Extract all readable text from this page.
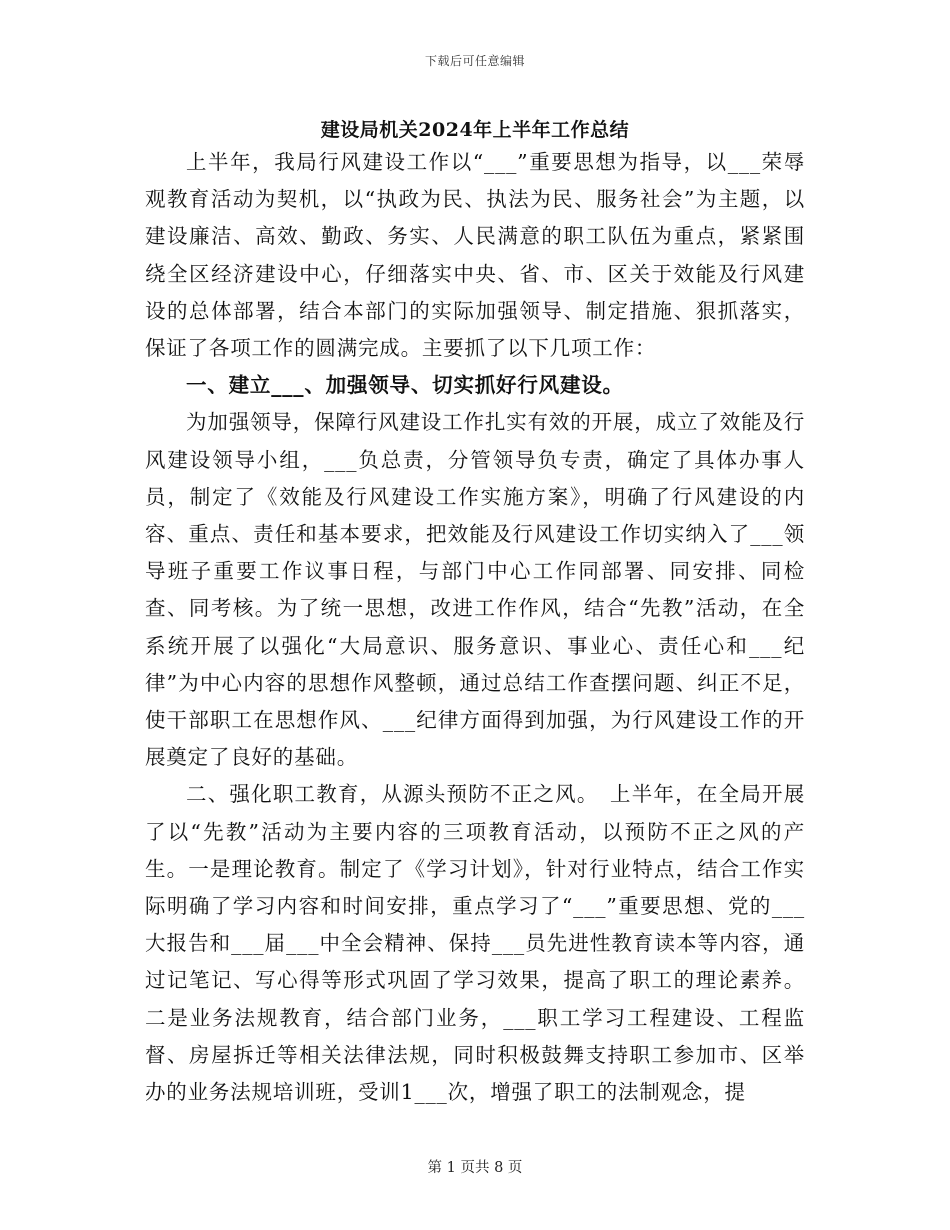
下载后可任意编辑
建设局机关2024年上半年工作总结

上半年，我局行风建设工作以“___”重要思想为指导，以___荣辱观教育活动为契机，以“执政为民、执法为民、服务社会”为主题，以建设廉洁、高效、勤政、务实、人民满意的职工队伍为重点，紧紧围绕全区经济建设中心，仔细落实中央、省、市、区关于效能及行风建设的总体部署，结合本部门的实际加强领导、制定措施、狠抓落实，保证了各项工作的圆满完成。主要抓了以下几项工作：

一、建立___、加强领导、切实抓好行风建设。

为加强领导，保障行风建设工作扎实有效的开展，成立了效能及行风建设领导小组，___负总责，分管领导负专责，确定了具体办事人员，制定了《效能及行风建设工作实施方案》，明确了行风建设的内容、重点、责任和基本要求，把效能及行风建设工作切实纳入了___领导班子重要工作议事日程，与部门中心工作同部署、同安排、同检查、同考核。为了统一思想，改进工作作风，结合“先教”活动，在全系统开展了以强化“大局意识、服务意识、事业心、责任心和___纪律”为中心内容的思想作风整顿，通过总结工作查摆问题、纠正不足，使干部职工在思想作风、___纪律方面得到加强，为行风建设工作的开展奠定了良好的基础。

二、强化职工教育，从源头预防不正之风。　上半年，在全局开展了以“先教”活动为主要内容的三项教育活动，以预防不正之风的产生。一是理论教育。制定了《学习计划》，针对行业特点，结合工作实际明确了学习内容和时间安排，重点学习了“___”重要思想、党的___大报告和___届___中全会精神、保持___员先进性教育读本等内容，通过记笔记、写心得等形式巩固了学习效果，提高了职工的理论素养。二是业务法规教育，结合部门业务，___职工学习工程建设、工程监督、房屋拆迁等相关法律法规，同时积极鼓舞支持职工参加市、区举办的业务法规培训班，受训1___次，增强了职工的法制观念，提

第 1 页共 8 页
